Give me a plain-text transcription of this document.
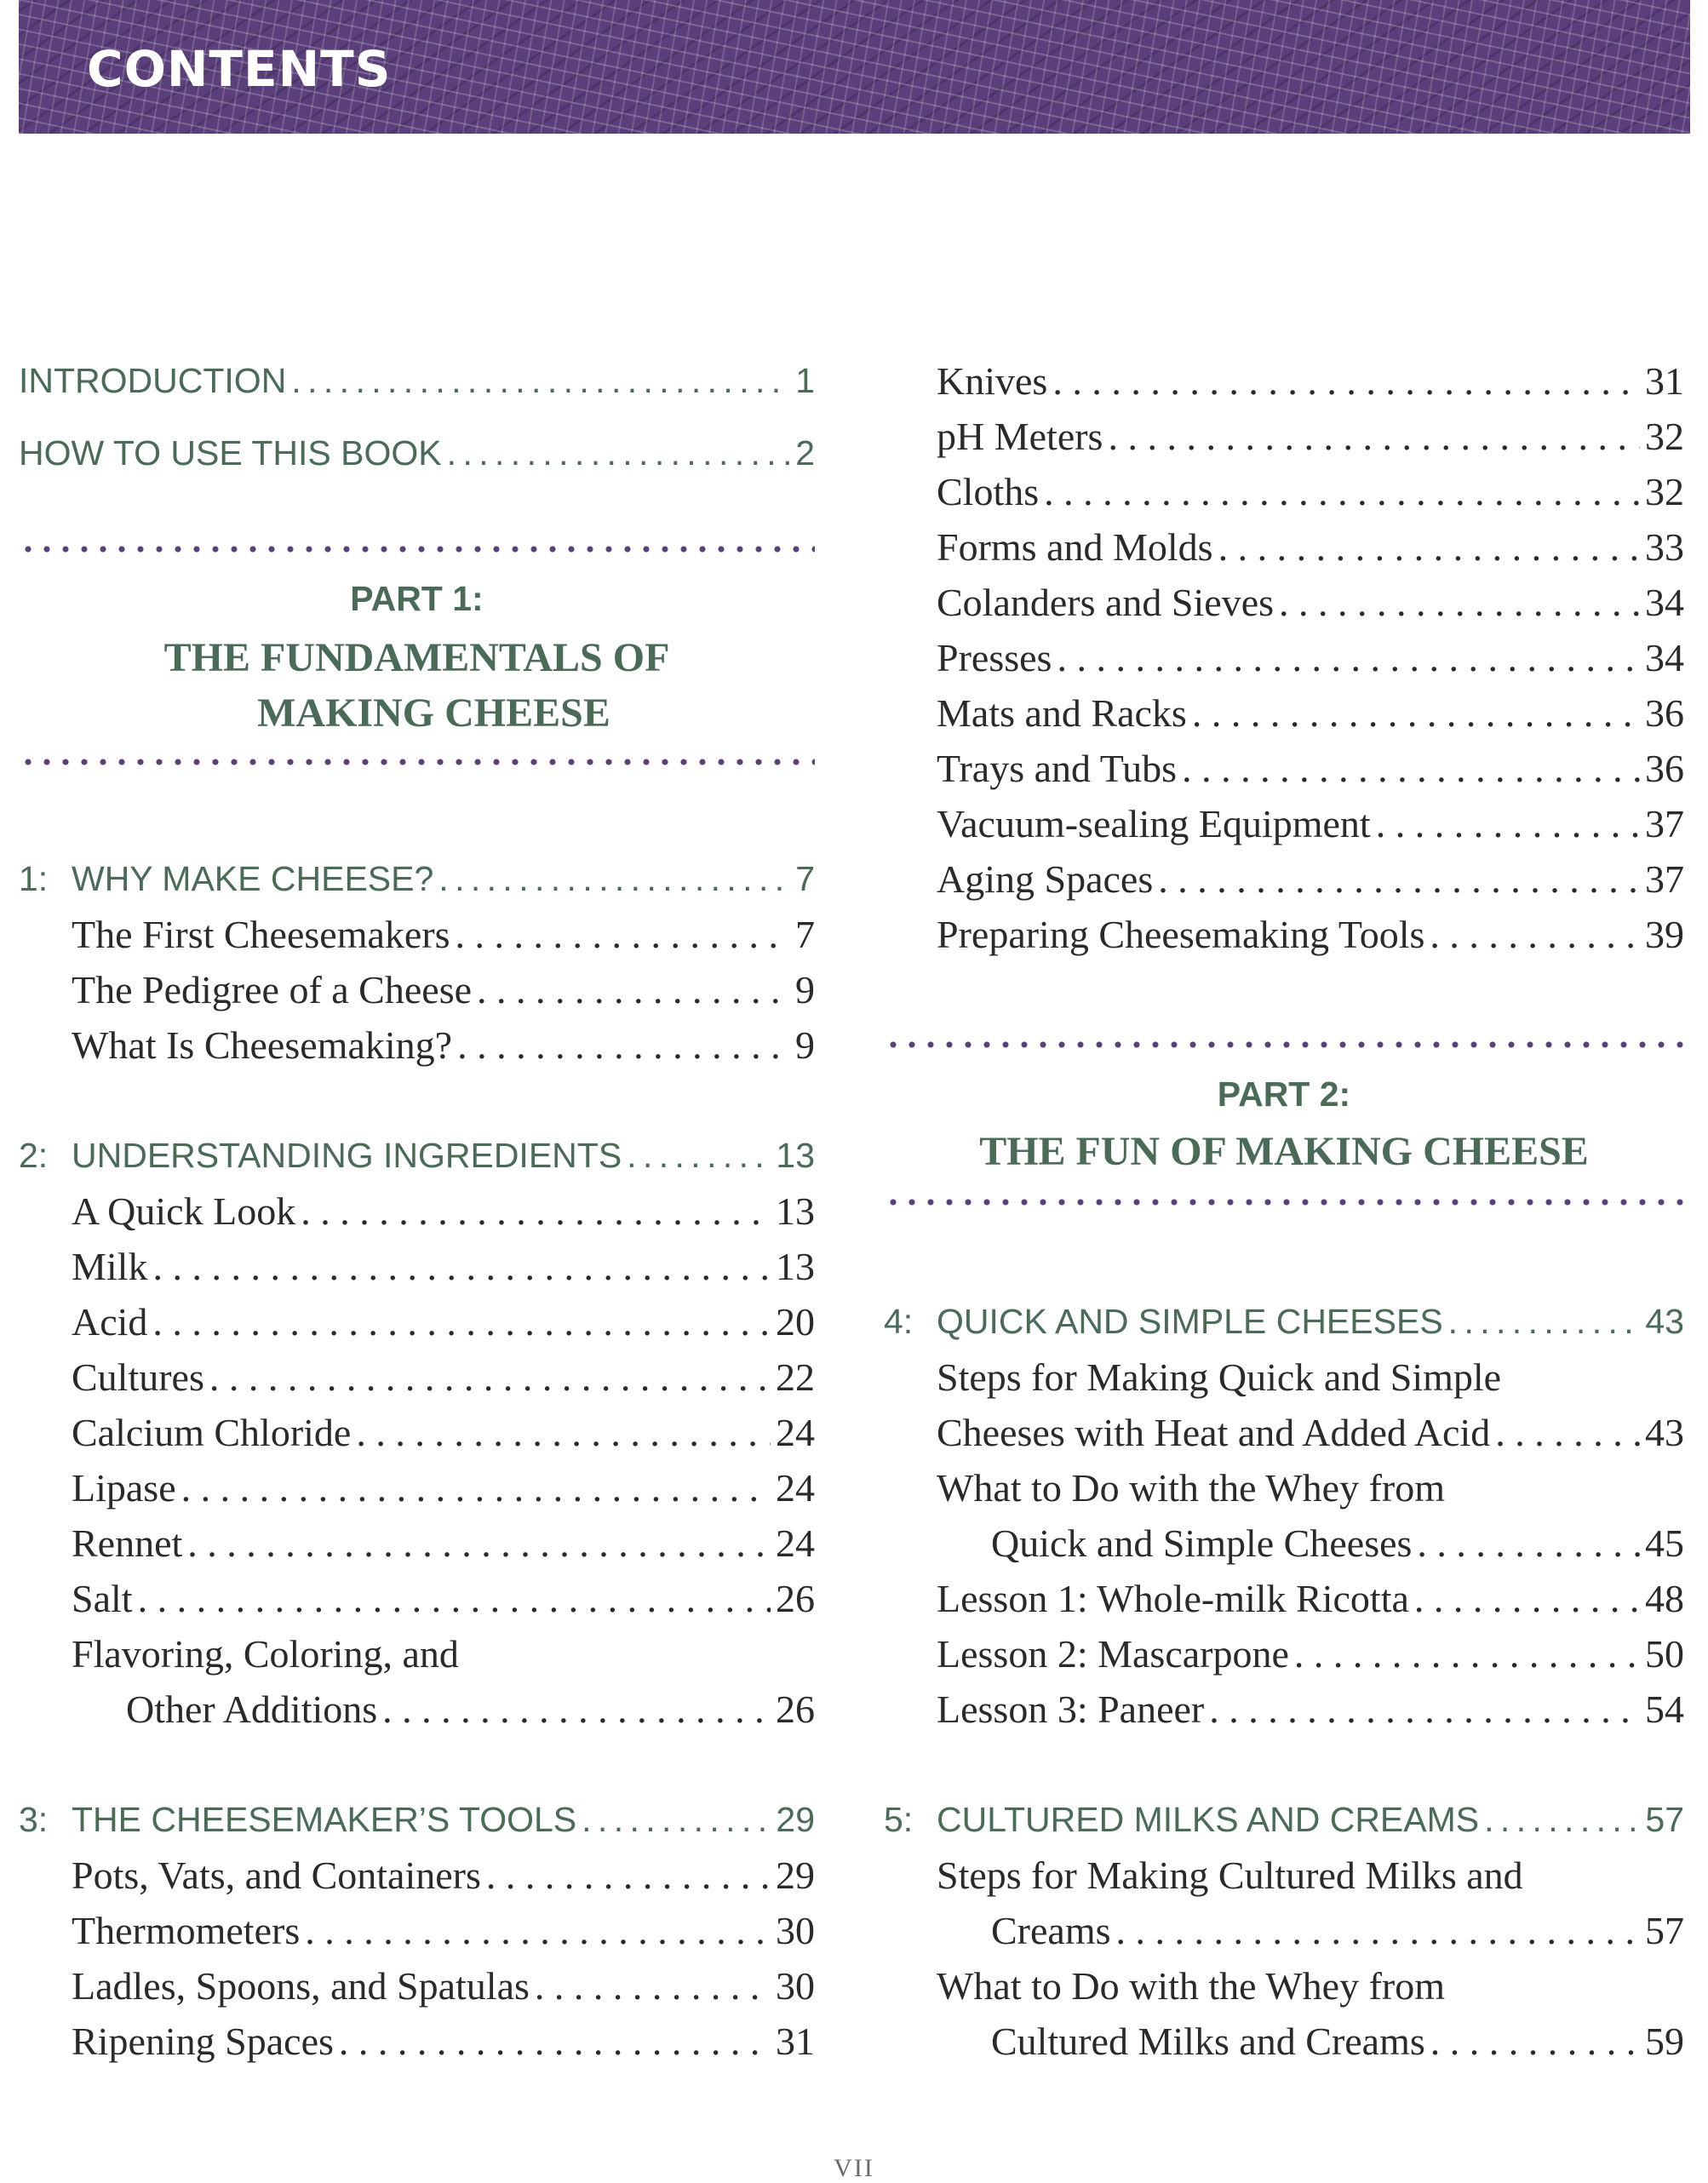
CONTENTS
INTRODUCTION . . .	1
HOW TO USE THIS BOOK . . .	2
PART 1:
THE FUNDAMENTALS OF
MAKING CHEESE
1: WHY MAKE CHEESE? . . .	7
The First Cheesemakers . . .	7
The Pedigree of a Cheese . . .	9
What Is Cheesemaking? . . .	9
2: UNDERSTANDING INGREDIENTS . . .	13
A Quick Look . . .	13
Milk . . .	13
Acid . . .	20
Cultures . . .	22
Calcium Chloride . . .	24
Lipase . . .	24
Rennet . . .	24
Salt . . .	26
Flavoring, Coloring, and
Other Additions . . .	26
3: THE CHEESEMAKER’S TOOLS . . .	29
Pots, Vats, and Containers . . .	29
Thermometers . . .	30
Ladles, Spoons, and Spatulas . . .	30
Ripening Spaces . . .	31
Knives . . .	31
pH Meters . . .	32
Cloths . . .	32
Forms and Molds . . .	33
Colanders and Sieves . . .	34
Presses . . .	34
Mats and Racks . . .	36
Trays and Tubs . . .	36
Vacuum-sealing Equipment . . .	37
Aging Spaces . . .	37
Preparing Cheesemaking Tools . . .	39
PART 2:
THE FUN OF MAKING CHEESE
4: QUICK AND SIMPLE CHEESES . . .	43
Steps for Making Quick and Simple
Cheeses with Heat and Added Acid . . .	43
What to Do with the Whey from
Quick and Simple Cheeses . . .	45
Lesson 1: Whole-milk Ricotta . . .	48
Lesson 2: Mascarpone . . .	50
Lesson 3: Paneer . . .	54
5: CULTURED MILKS AND CREAMS . . .	57
Steps for Making Cultured Milks and
Creams . . .	57
What to Do with the Whey from
Cultured Milks and Creams . . .	59
VII
